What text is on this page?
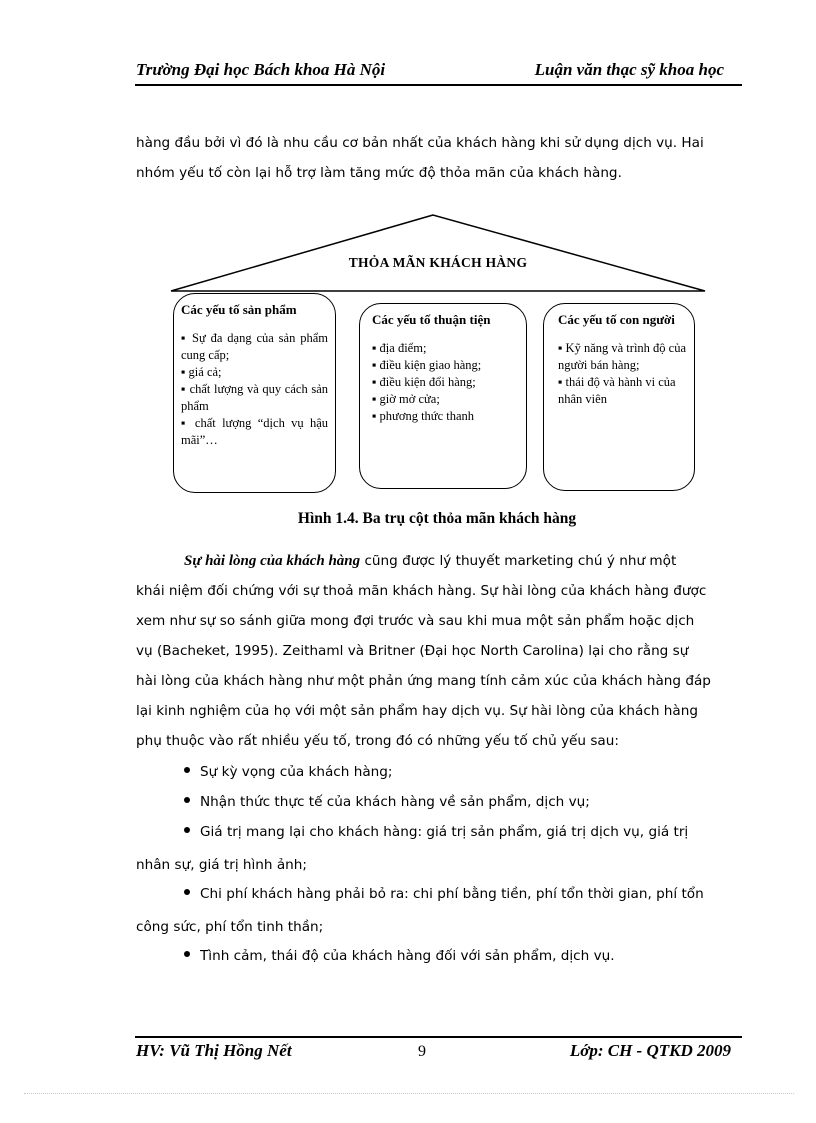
Trường Đại học Bách khoa Hà Nội	Luận văn thạc sỹ khoa học
hàng đầu bởi vì đó là nhu cầu cơ bản nhất của khách hàng khi sử dụng dịch vụ. Hai
nhóm yếu tố còn lại hỗ trợ làm tăng mức độ thỏa mãn của khách hàng.
THỎA MÃN KHÁCH HÀNG
Các yếu tố sản phẩm
▪ Sự đa dạng của sản phẩm cung cấp;
▪ giá cả;
▪ chất lượng và quy cách sản phẩm
▪ chất lượng “dịch vụ hậu mãi”…
Các yếu tố thuận tiện
▪ địa điểm;
▪ điều kiện giao hàng;
▪ điều kiện đổi hàng;
▪ giờ mở cửa;
▪ phương thức thanh
Các yếu tố con người
▪ Kỹ năng và trình độ của người bán hàng;
▪ thái độ và hành vi của nhân viên
Hình 1.4. Ba trụ cột thỏa mãn khách hàng
Sự hài lòng của khách hàng cũng được lý thuyết marketing chú ý như một
khái niệm đối chứng với sự thoả mãn khách hàng. Sự hài lòng của khách hàng được
xem như sự so sánh giữa mong đợi trước và sau khi mua một sản phẩm hoặc dịch
vụ (Bacheket, 1995). Zeithaml và Britner (Đại học North Carolina) lại cho rằng sự
hài lòng của khách hàng như một phản ứng mang tính cảm xúc của khách hàng đáp
lại kinh nghiệm của họ với một sản phẩm hay dịch vụ. Sự hài lòng của khách hàng
phụ thuộc vào rất nhiều yếu tố, trong đó có những yếu tố chủ yếu sau:
Sự kỳ vọng của khách hàng;
Nhận thức thực tế của khách hàng về sản phẩm, dịch vụ;
Giá trị mang lại cho khách hàng: giá trị sản phẩm, giá trị dịch vụ, giá trị
nhân sự, giá trị hình ảnh;
Chi phí khách hàng phải bỏ ra: chi phí bằng tiền, phí tổn thời gian, phí tổn
công sức, phí tổn tinh thần;
Tình cảm, thái độ của khách hàng đối với sản phẩm, dịch vụ.
HV: Vũ Thị Hồng Nết	9	Lớp: CH - QTKD 2009
